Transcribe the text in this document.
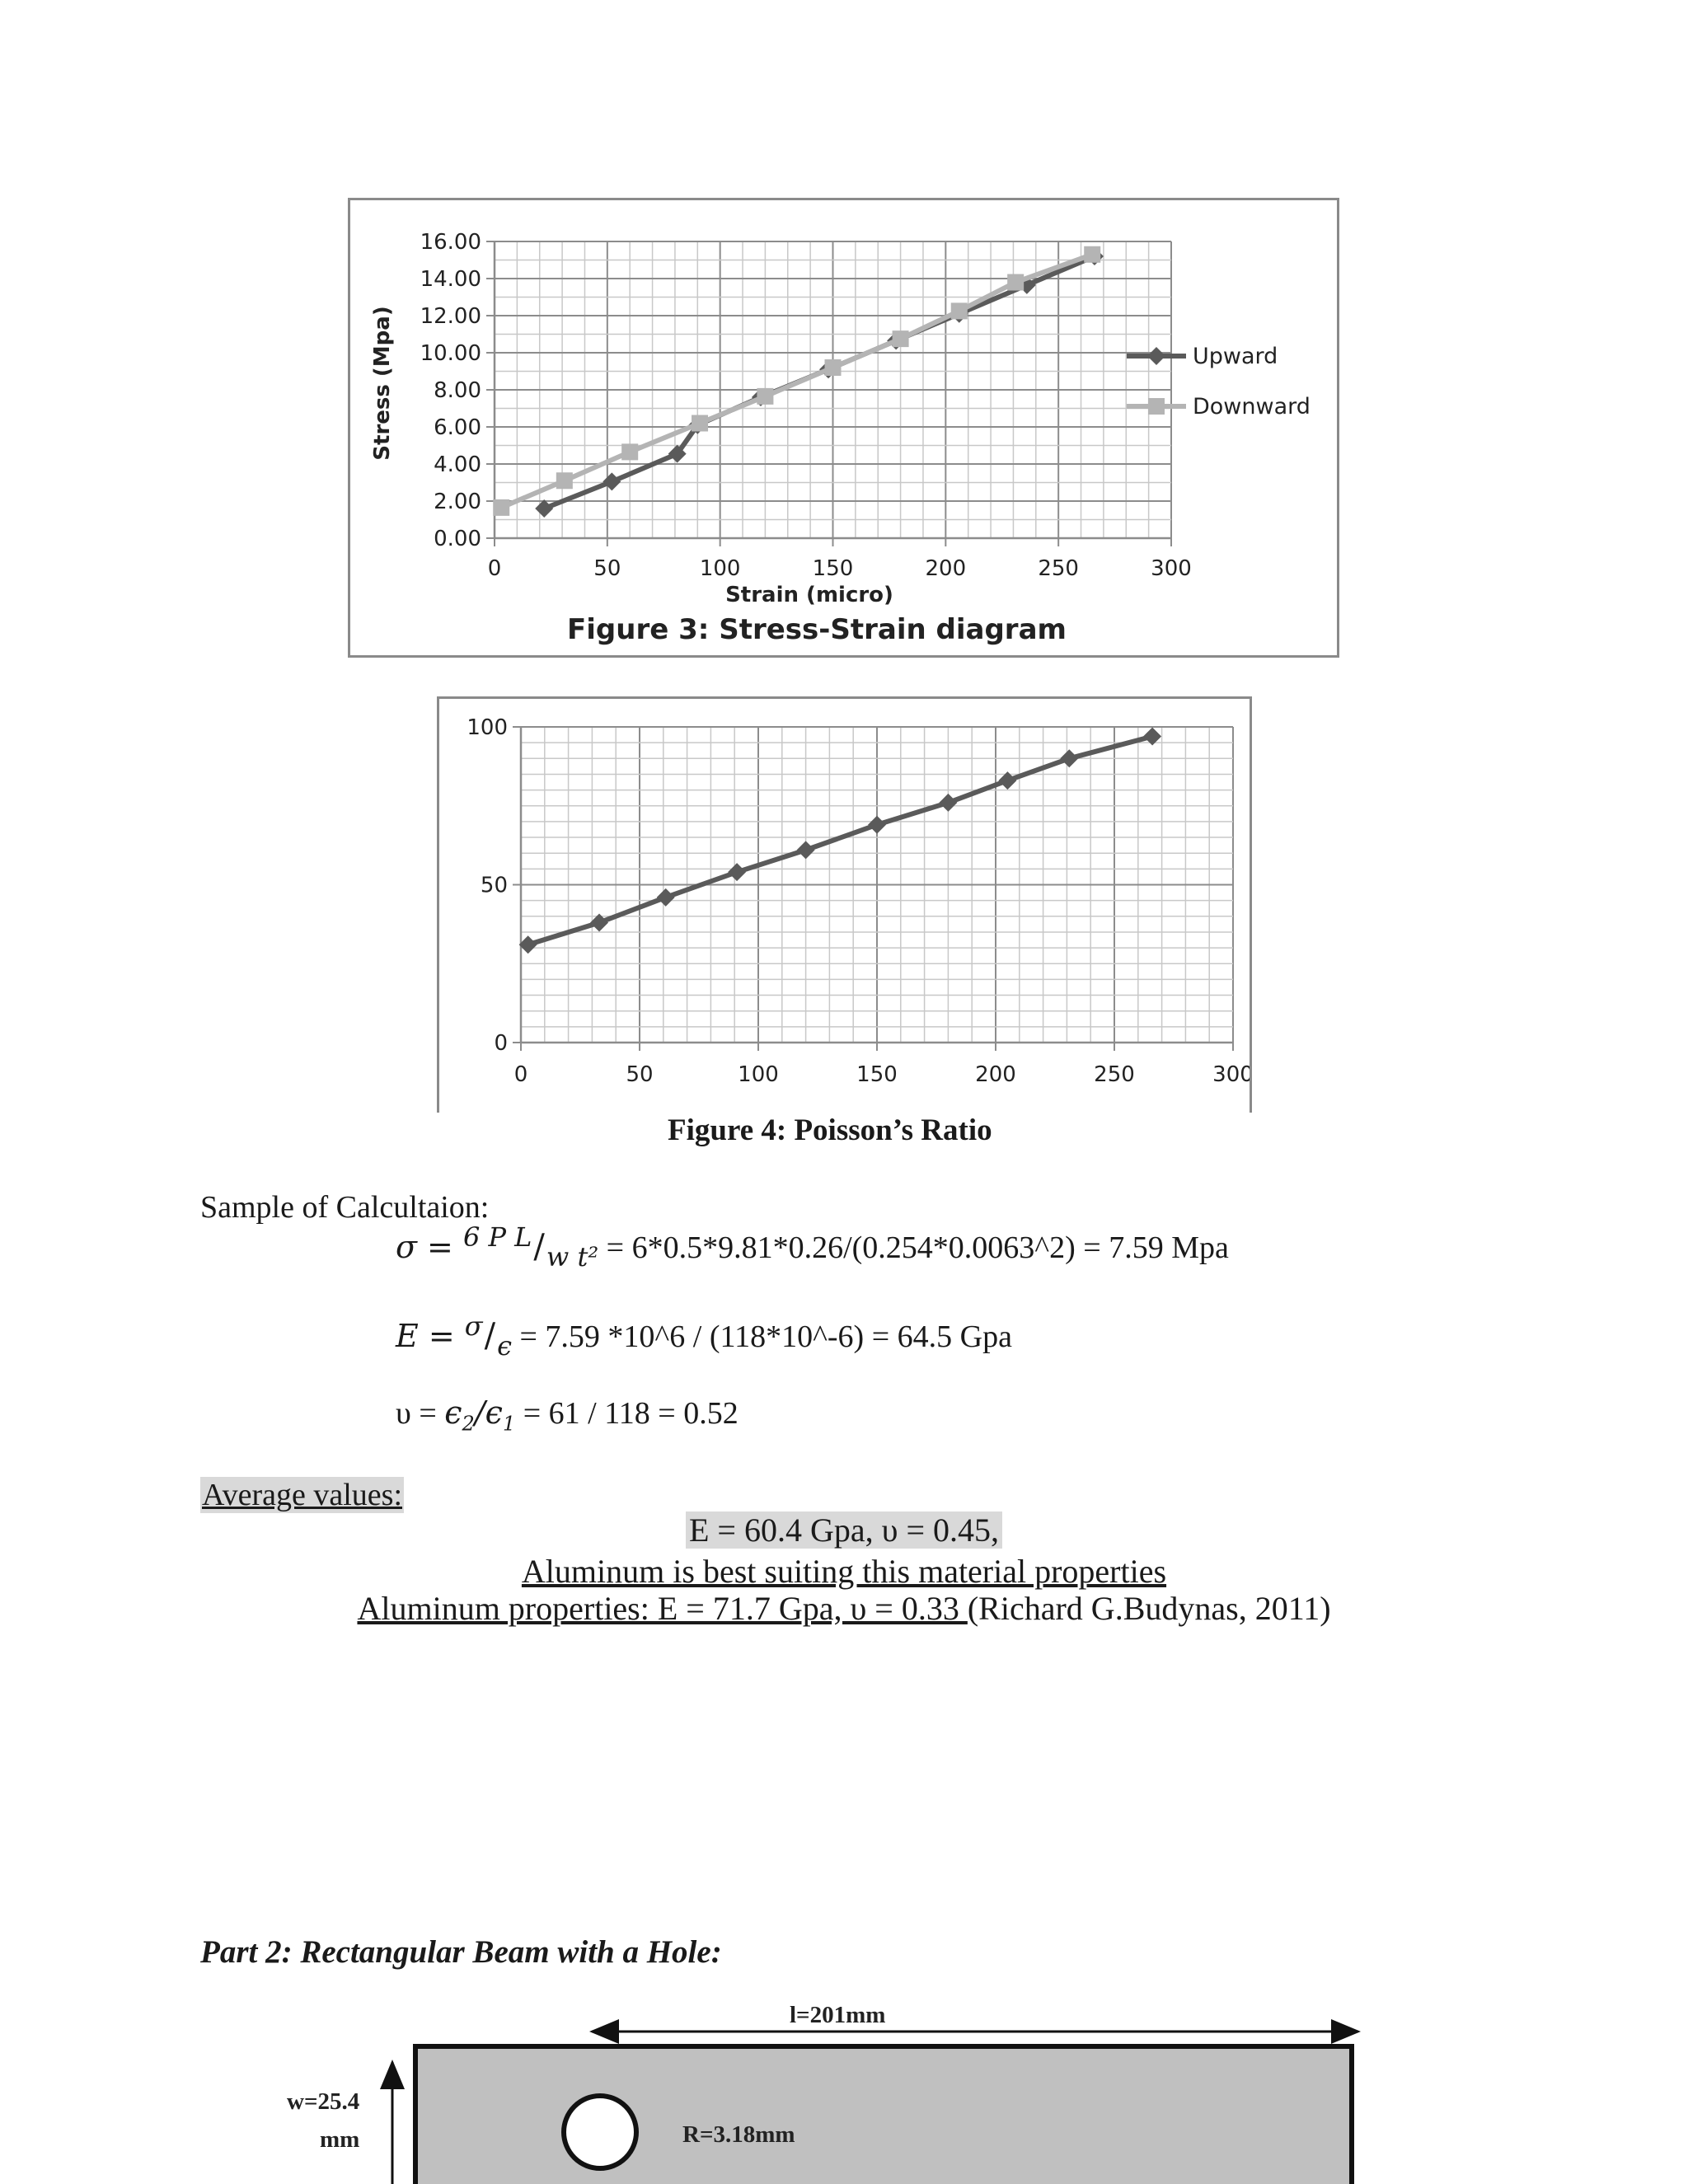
Stress (Mpa)
Strain (micro)
Figure 3: Stress-Strain diagram
0	50	100	150	200	250	300
0.00
2.00
4.00
6.00
8.00
10.00
12.00
14.00
16.00
Upward
Downward
0	50	100	150	200	250	300
0
50
100
Figure 4: Poisson’s Ratio
Sample of Calcultaion:
$\sigma = ^{6 P L}/_{w t^2}$ = 6*0.5*9.81*0.26/(0.254*0.0063^2) = 7.59 Mpa
$E = ^\sigma/_\epsilon = 7.59$ *10^6 / (118*10^-6) = 64.5 Gpa
$\upsilon = \epsilon_2/\epsilon_1 = 61 / 118 = 0.52$
Average values:
E = 60.4 Gpa, υ = 0.45,
Aluminum is best suiting this material properties
Aluminum properties: E = 71.7 Gpa, υ = 0.33 (Richard G.Budynas, 2011)
Part 2: Rectangular Beam with a Hole:
l=201mm
w=25.4
mm	R=3.18mm
